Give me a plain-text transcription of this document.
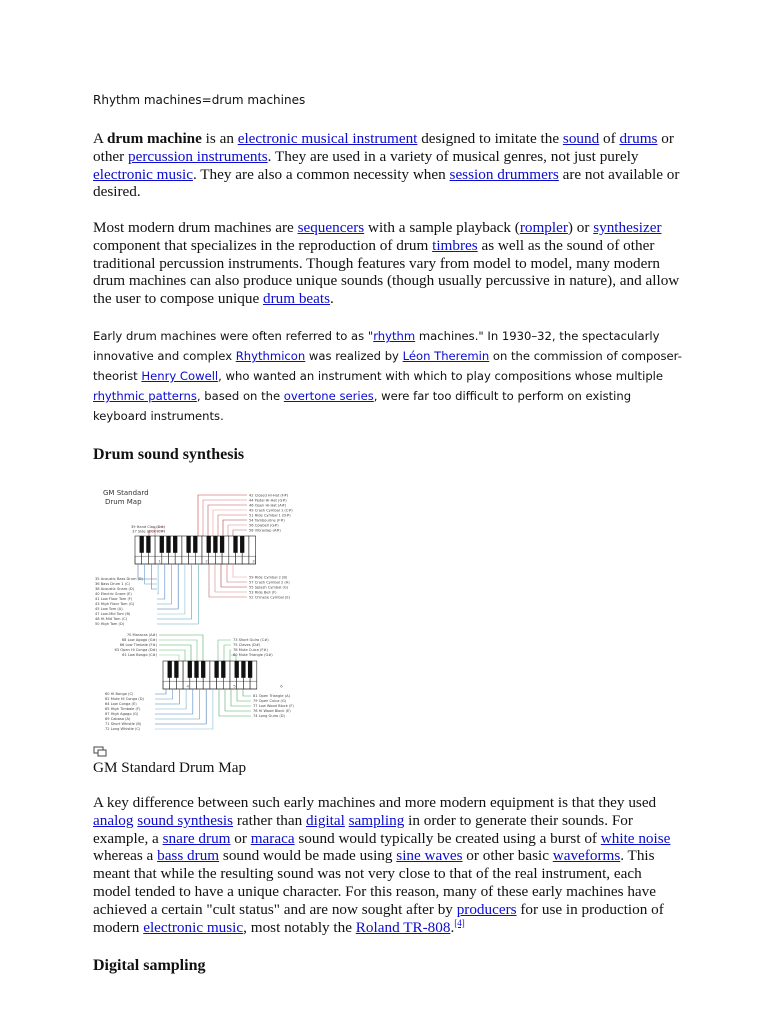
Rhythm machines=drum machines

A drum machine is an electronic musical instrument designed to imitate the sound of drums or other percussion instruments. They are used in a variety of musical genres, not just purely electronic music. They are also a common necessity when session drummers are not available or desired.

Most modern drum machines are sequencers with a sample playback (rompler) or synthesizer component that specializes in the reproduction of drum timbres as well as the sound of other traditional percussion instruments. Though features vary from model to model, many modern drum machines can also produce unique sounds (though usually percussive in nature), and allow the user to compose unique drum beats.

Early drum machines were often referred to as "rhythm machines." In 1930–32, the spectacularly innovative and complex Rhythmicon was realized by Léon Theremin on the commission of composer-theorist Henry Cowell, who wanted an instrument with which to play compositions whose multiple rhythmic patterns, based on the overtone series, were far too difficult to perform on existing keyboard instruments.

Drum sound synthesis
GM Standard
Drum Map
42 Closed Hi-Hat (F#)
44 Pedal Hi-Hat (G#)
46 Open Hi-Hat (A#)
49 Crash Cymbal 1 (C#)
51 Ride Cymbal 1 (D#)
54 Tambourine (F#)
56 Cowbell (G#)
58 Vibraslap (A#)
39 Hand Clap (D#)
37 Side Stick (C#)
1	2	3
35 Acoustic Bass Drum (B)
36 Bass Drum 1 (C)
38 Acoustic Snare (D)
40 Electric Snare (E)
41 Low Floor Tom (F)
43 High Floor Tom (G)
45 Low Tom (A)
47 Low-Mid Tom (B)
48 Hi-Mid Tom (C)
50 High Tom (D)
59 Ride Cymbal 2 (B)
57 Crash Cymbal 2 (A)
55 Splash Cymbal (G)
53 Ride Bell (F)
52 Chinese Cymbal (E)
70 Maracas (A#)
68 Low Agogo (G#)
66 Low Timbale (F#)
63 Open Hi Conga (D#)
61 Low Bongo (C#)
73 Short Guiro (C#)
75 Claves (D#)
78 Mute Cuica (F#)
80 Mute Triangle (G#)
4	5	6
60 Hi Bongo (C)
62 Mute Hi Conga (D)
64 Low Conga (E)
65 High Timbale (F)
67 High Agogo (G)
69 Cabasa (A)
71 Short Whistle (B)
72 Long Whistle (C)
81 Open Triangle (A)
79 Open Cuica (G)
77 Low Wood Block (F)
76 Hi Wood Block (E)
74 Long Guiro (D)
GM Standard Drum Map

A key difference between such early machines and more modern equipment is that they used analog sound synthesis rather than digital sampling in order to generate their sounds. For example, a snare drum or maraca sound would typically be created using a burst of white noise whereas a bass drum sound would be made using sine waves or other basic waveforms. This meant that while the resulting sound was not very close to that of the real instrument, each model tended to have a unique character. For this reason, many of these early machines have achieved a certain "cult status" and are now sought after by producers for use in production of modern electronic music, most notably the Roland TR-808.[4]

Digital sampling
